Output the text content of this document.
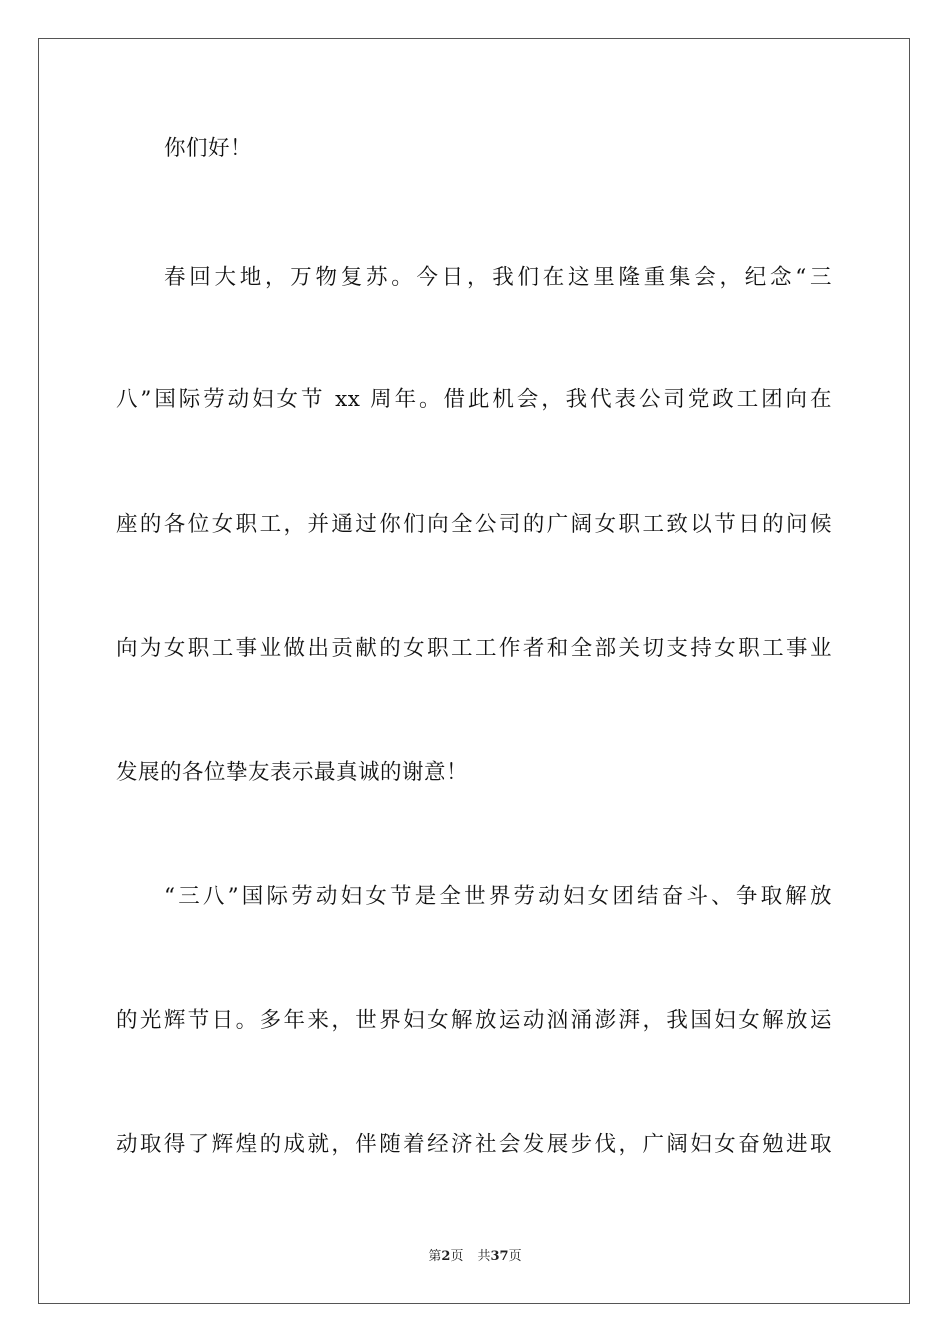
你们好！
春回大地，万物复苏。今日，我们在这里隆重集会，纪念“三
八”国际劳动妇女节 xx 周年。借此机会，我代表公司党政工团向在
座的各位女职工，并通过你们向全公司的广阔女职工致以节日的问候
向为女职工事业做出贡献的女职工工作者和全部关切支持女职工事业
发展的各位挚友表示最真诚的谢意！
“三八”国际劳动妇女节是全世界劳动妇女团结奋斗、争取解放
的光辉节日。多年来，世界妇女解放运动汹涌澎湃，我国妇女解放运
动取得了辉煌的成就，伴随着经济社会发展步伐，广阔妇女奋勉进取
第2页 共37页
